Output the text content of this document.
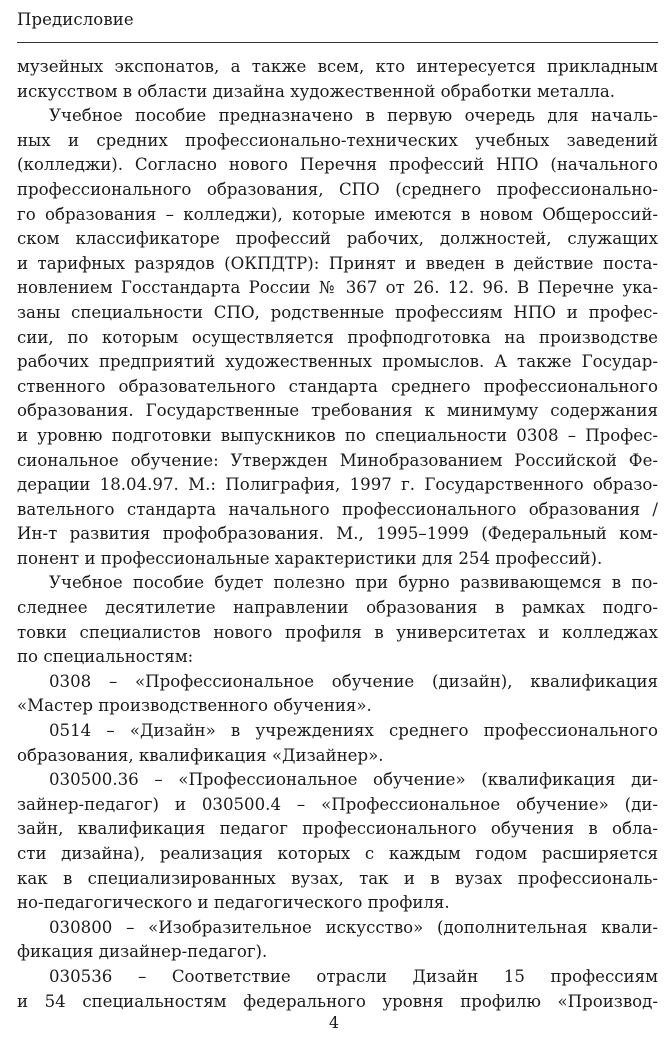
Предисловие
музейных экспонатов, а также всем, кто интересуется прикладным
искусством в области дизайна художественной обработки металла.
Учебное пособие предназначено в первую очередь для началь-
ных и средних профессионально-технических учебных заведений
(колледжи). Согласно нового Перечня профессий НПО (начального
профессионального образования, СПО (среднего профессионально-
го образования – колледжи), которые имеются в новом Общероссий-
ском классификаторе профессий рабочих, должностей, служащих
и тарифных разрядов (ОКПДТР): Принят и введен в действие поста-
новлением Госстандарта России № 367 от 26. 12. 96. В Перечне ука-
заны специальности СПО, родственные профессиям НПО и профес-
сии, по которым осуществляется профподготовка на производстве
рабочих предприятий художественных промыслов. А также Государ-
ственного образовательного стандарта среднего профессионального
образования. Государственные требования к минимуму содержания
и уровню подготовки выпускников по специальности 0308 – Профес-
сиональное обучение: Утвержден Минобразованием Российской Фе-
дерации 18.04.97. М.: Полиграфия, 1997 г. Государственного образо-
вательного стандарта начального профессионального образования /
Ин-т развития профобразования. М., 1995–1999 (Федеральный ком-
понент и профессиональные характеристики для 254 профессий).
Учебное пособие будет полезно при бурно развивающемся в по-
следнее десятилетие направлении образования в рамках подго-
товки специалистов нового профиля в университетах и колледжах
по специальностям:
0308 – «Профессиональное обучение (дизайн), квалификация
«Мастер производственного обучения».
0514 – «Дизайн» в учреждениях среднего профессионального
образования, квалификация «Дизайнер».
030500.36 – «Профессиональное обучение» (квалификация ди-
зайнер-педагог) и 030500.4 – «Профессиональное обучение» (ди-
зайн, квалификация педагог профессионального обучения в обла-
сти дизайна), реализация которых с каждым годом расширяется
как в специализированных вузах, так и в вузах профессиональ-
но-педагогического и педагогического профиля.
030800 – «Изобразительное искусство» (дополнительная квали-
фикация дизайнер-педагог).
030536 – Соответствие отрасли Дизайн 15 профессиям
и 54 специальностям федерального уровня профилю «Производ-
4
